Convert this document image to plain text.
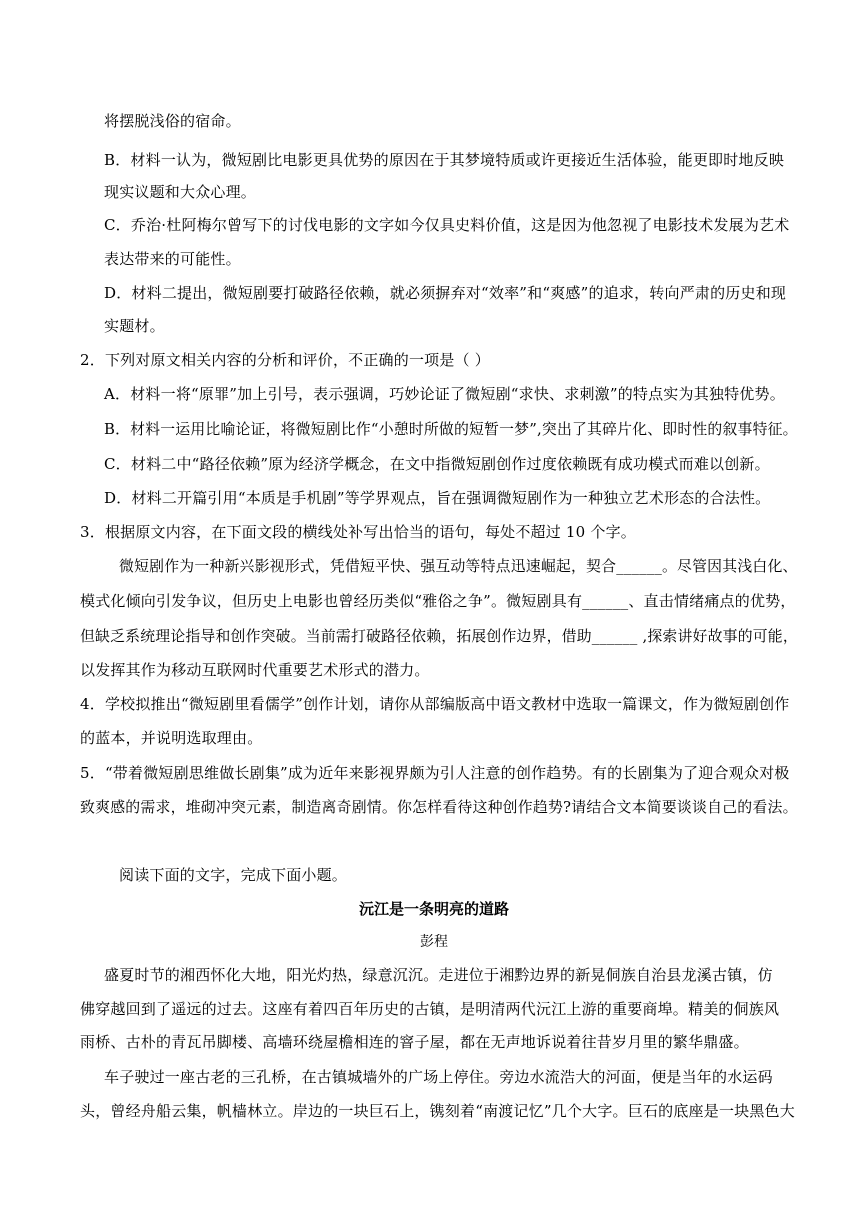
将摆脱浅俗的宿命。
B．材料一认为，微短剧比电影更具优势的原因在于其梦境特质或许更接近生活体验，能更即时地反映
现实议题和大众心理。
C．乔治·杜阿梅尔曾写下的讨伐电影的文字如今仅具史料价值，这是因为他忽视了电影技术发展为艺术
表达带来的可能性。
D．材料二提出，微短剧要打破路径依赖，就必须摒弃对“效率”和“爽感”的追求，转向严肃的历史和现
实题材。
2．下列对原文相关内容的分析和评价，不正确的一项是（ ）
A．材料一将“原罪”加上引号，表示强调，巧妙论证了微短剧“求快、求刺激”的特点实为其独特优势。
B．材料一运用比喻论证，将微短剧比作“小憩时所做的短暂一梦”,突出了其碎片化、即时性的叙事特征。
C．材料二中“路径依赖”原为经济学概念，在文中指微短剧创作过度依赖既有成功模式而难以创新。
D．材料二开篇引用“本质是手机剧”等学界观点，旨在强调微短剧作为一种独立艺术形态的合法性。
3．根据原文内容，在下面文段的横线处补写出恰当的语句，每处不超过 10 个字。
微短剧作为一种新兴影视形式，凭借短平快、强互动等特点迅速崛起，契合______。尽管因其浅白化、
模式化倾向引发争议，但历史上电影也曾经历类似“雅俗之争”。微短剧具有______、直击情绪痛点的优势，
但缺乏系统理论指导和创作突破。当前需打破路径依赖，拓展创作边界，借助______ ,探索讲好故事的可能，
以发挥其作为移动互联网时代重要艺术形式的潜力。
4．学校拟推出“微短剧里看儒学”创作计划，请你从部编版高中语文教材中选取一篇课文，作为微短剧创作
的蓝本，并说明选取理由。
5．“带着微短剧思维做长剧集”成为近年来影视界颇为引人注意的创作趋势。有的长剧集为了迎合观众对极
致爽感的需求，堆砌冲突元素，制造离奇剧情。你怎样看待这种创作趋势?请结合文本简要谈谈自己的看法。
阅读下面的文字，完成下面小题。
沅江是一条明亮的道路
彭程
盛夏时节的湘西怀化大地，阳光灼热，绿意沉沉。走进位于湘黔边界的新晃侗族自治县龙溪古镇，仿
佛穿越回到了遥远的过去。这座有着四百年历史的古镇，是明清两代沅江上游的重要商埠。精美的侗族风
雨桥、古朴的青瓦吊脚楼、高墙环绕屋檐相连的窨子屋，都在无声地诉说着往昔岁月里的繁华鼎盛。
车子驶过一座古老的三孔桥，在古镇城墙外的广场上停住。旁边水流浩大的河面，便是当年的水运码
头，曾经舟船云集，帆樯林立。岸边的一块巨石上，镌刻着“南渡记忆”几个大字。巨石的底座是一块黑色大
